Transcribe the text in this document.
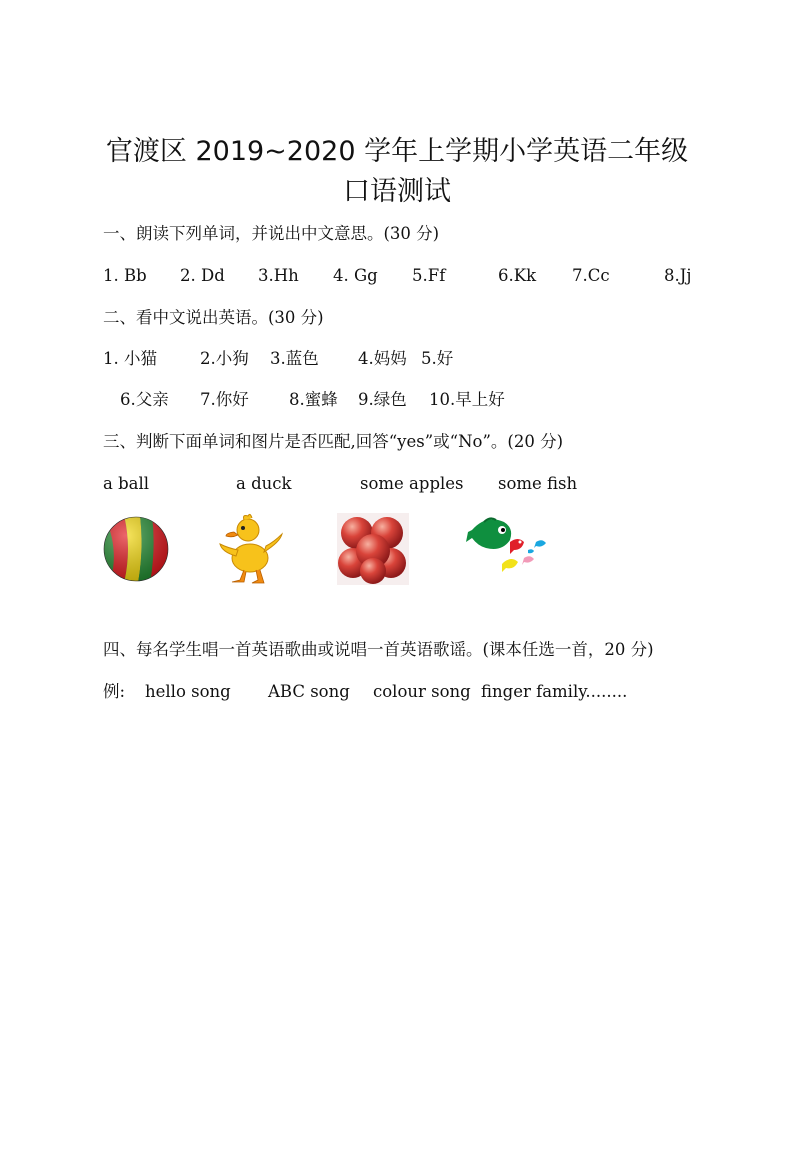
官渡区 2019~2020 学年上学期小学英语二年级
口语测试
一、朗读下列单词，并说出中文意思。(30 分)
1. Bb 2. Dd 3.Hh 4. Gg 5.Ff	6.Kk 7.Cc	8.Jj
二、看中文说出英语。(30 分)
1. 小猫	2.小狗 3.蓝色 4.妈妈 5.好
6.父亲 7.你好 8.蜜蜂 9.绿色 10.早上好
三、判断下面单词和图片是否匹配,回答“yes”或“No”。(20 分)
a ball	a duck	some apples some fish
四、每名学生唱一首英语歌曲或说唱一首英语歌谣。(课本任选一首，20 分)
例: hello song ABC song colour song finger family........
